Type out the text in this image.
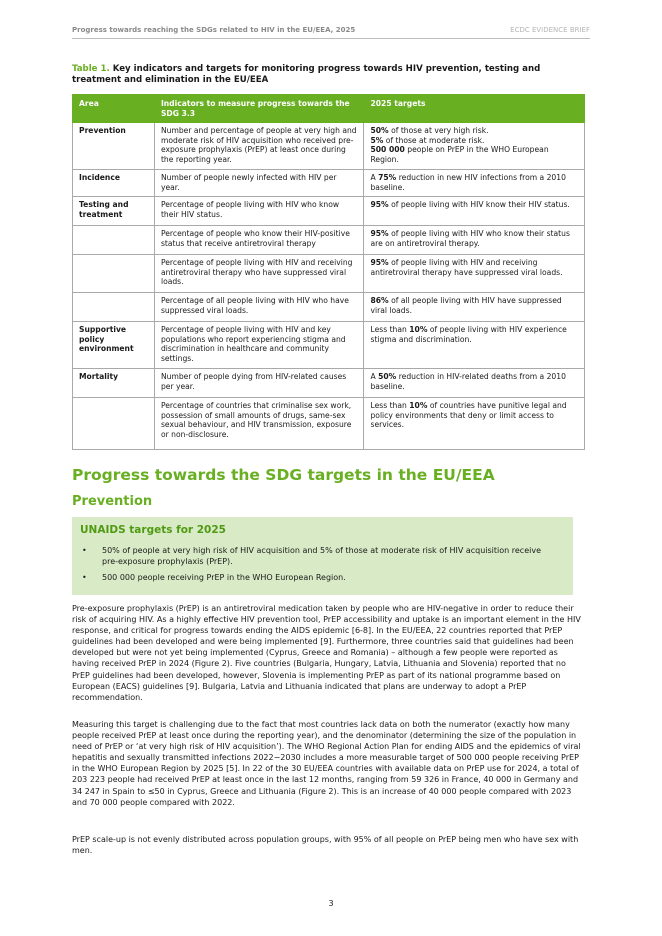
Progress towards reaching the SDGs related to HIV in the EU/EEA, 2025	ECDC EVIDENCE BRIEF
Table 1. Key indicators and targets for monitoring progress towards HIV prevention, testing and treatment and elimination in the EU/EEA
Area	Indicators to measure progress towards the SDG 3.3	2025 targets
Prevention	Number and percentage of people at very high and moderate risk of HIV acquisition who received pre-exposure prophylaxis (PrEP) at least once during the reporting year.	50% of those at very high risk.
5% of those at moderate risk.
500 000 people on PrEP in the WHO European Region.

Incidence	Number of people newly infected with HIV per year.	A 75% reduction in new HIV infections from a 2010 baseline.

Testing and treatment	Percentage of people living with HIV who know their HIV status.	95% of people living with HIV know their HIV status.

	Percentage of people who know their HIV-positive status that receive antiretroviral therapy	95% of people living with HIV who know their status are on antiretroviral therapy.

	Percentage of people living with HIV and receiving antiretroviral therapy who have suppressed viral loads.	95% of people living with HIV and receiving antiretroviral therapy have suppressed viral loads.

	Percentage of all people living with HIV who have suppressed viral loads.	86% of all people living with HIV have suppressed viral loads.

Supportive policy environment	Percentage of people living with HIV and key populations who report experiencing stigma and discrimination in healthcare and community settings.	Less than 10% of people living with HIV experience stigma and discrimination.

Mortality	Number of people dying from HIV-related causes per year.	A 50% reduction in HIV-related deaths from a 2010 baseline.

	Percentage of countries that criminalise sex work, possession of small amounts of drugs, same-sex sexual behaviour, and HIV transmission, exposure or non-disclosure.	Less than 10% of countries have punitive legal and policy environments that deny or limit access to services.
Progress towards the SDG targets in the EU/EEA
Prevention
UNAIDS targets for 2025
• 50% of people at very high risk of HIV acquisition and 5% of those at moderate risk of HIV acquisition receive pre-exposure prophylaxis (PrEP).
• 500 000 people receiving PrEP in the WHO European Region.

Pre-exposure prophylaxis (PrEP) is an antiretroviral medication taken by people who are HIV-negative in order to reduce their risk of acquiring HIV. As a highly effective HIV prevention tool, PrEP accessibility and uptake is an important element in the HIV response, and critical for progress towards ending the AIDS epidemic [6-8]. In the EU/EEA, 22 countries reported that PrEP guidelines had been developed and were being implemented [9]. Furthermore, three countries said that guidelines had been developed but were not yet being implemented (Cyprus, Greece and Romania) – although a few people were reported as having received PrEP in 2024 (Figure 2). Five countries (Bulgaria, Hungary, Latvia, Lithuania and Slovenia) reported that no PrEP guidelines had been developed, however, Slovenia is implementing PrEP as part of its national programme based on European (EACS) guidelines [9]. Bulgaria, Latvia and Lithuania indicated that plans are underway to adopt a PrEP recommendation.

Measuring this target is challenging due to the fact that most countries lack data on both the numerator (exactly how many people received PrEP at least once during the reporting year), and the denominator (determining the size of the population in need of PrEP or ‘at very high risk of HIV acquisition’). The WHO Regional Action Plan for ending AIDS and the epidemics of viral hepatitis and sexually transmitted infections 2022−2030 includes a more measurable target of 500 000 people receiving PrEP in the WHO European Region by 2025 [5]. In 22 of the 30 EU/EEA countries with available data on PrEP use for 2024, a total of 203 223 people had received PrEP at least once in the last 12 months, ranging from 59 326 in France, 40 000 in Germany and 34 247 in Spain to ≤50 in Cyprus, Greece and Lithuania (Figure 2). This is an increase of 40 000 people compared with 2023 and 70 000 people compared with 2022.

PrEP scale-up is not evenly distributed across population groups, with 95% of all people on PrEP being men who have sex with men.

3
